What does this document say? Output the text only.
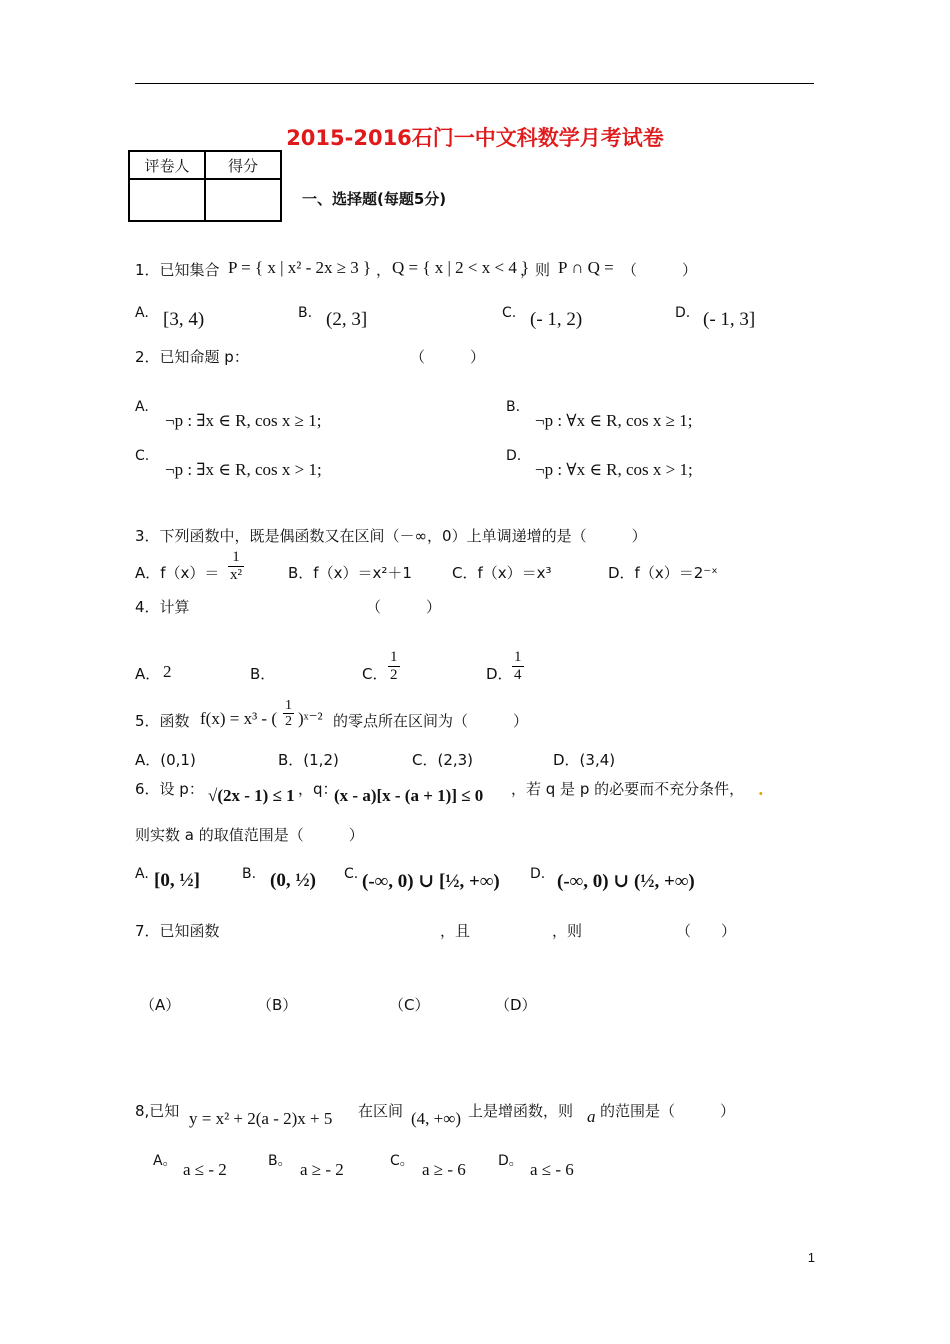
2015-2016石门一中文科数学月考试卷
评卷人	得分

一、选择题(每题5分)
1．已知集合 P = { x | x² - 2x ≥ 3 } ， Q = { x | 2 < x < 4 }
，则 P ∩ Q = （　　　）
A. [3, 4)	B. (2, 3]	C. (- 1, 2)	D. (- 1, 3]
2．已知命题 p：	（　　　）
A.
¬p : ∃x ∈ R, cos x ≥ 1;
B.
¬p : ∀x ∈ R, cos x ≥ 1;
C.
¬p : ∃x ∈ R, cos x > 1;
D.
¬p : ∀x ∈ R, cos x > 1;
3．下列函数中，既是偶函数又在区间（－∞，0）上单调递增的是（　　　）
A．$f(x)= \frac{1}{\text{x²}}$	B．f（x）＝x²＋1	C．f（x）＝x³	D．f（x）＝2⁻ˣ
4．计算	（　　　）
A． 2	B．	C． $\frac{1}{2}$	D． $\frac{1}{4}$
5．函数 f(x) = x³ - ( $\frac{1}{2}$ )ˣ⁻² 的零点所在区间为（　　　）
A．(0,1)	B．(1,2)	C．(2,3)	D．(3,4)
6．设 p： √(2x - 1) ≤ 1 ，q：
(x - a)[x - (a + 1)] ≤ 0 ，若 q 是 p 的必要而不充分条件， .
则实数 a 的取值范围是（　　　）
A. [0, ½]	B. (0, ½) C. (-∞, 0) ∪ [½, +∞) D. (-∞, 0) ∪ (½, +∞)
7．已知函数	，且	，则	（　　）
（A）	（B）	（C）	（D）
8,已知 y = x² + 2(a - 2)x + 5 在区间 (4, +∞) 上是增函数，则 a 的范围是（　　　）
A。 a ≤ - 2	B。 a ≥ - 2	C。 a ≥ - 6 D。 a ≤ - 6
1
